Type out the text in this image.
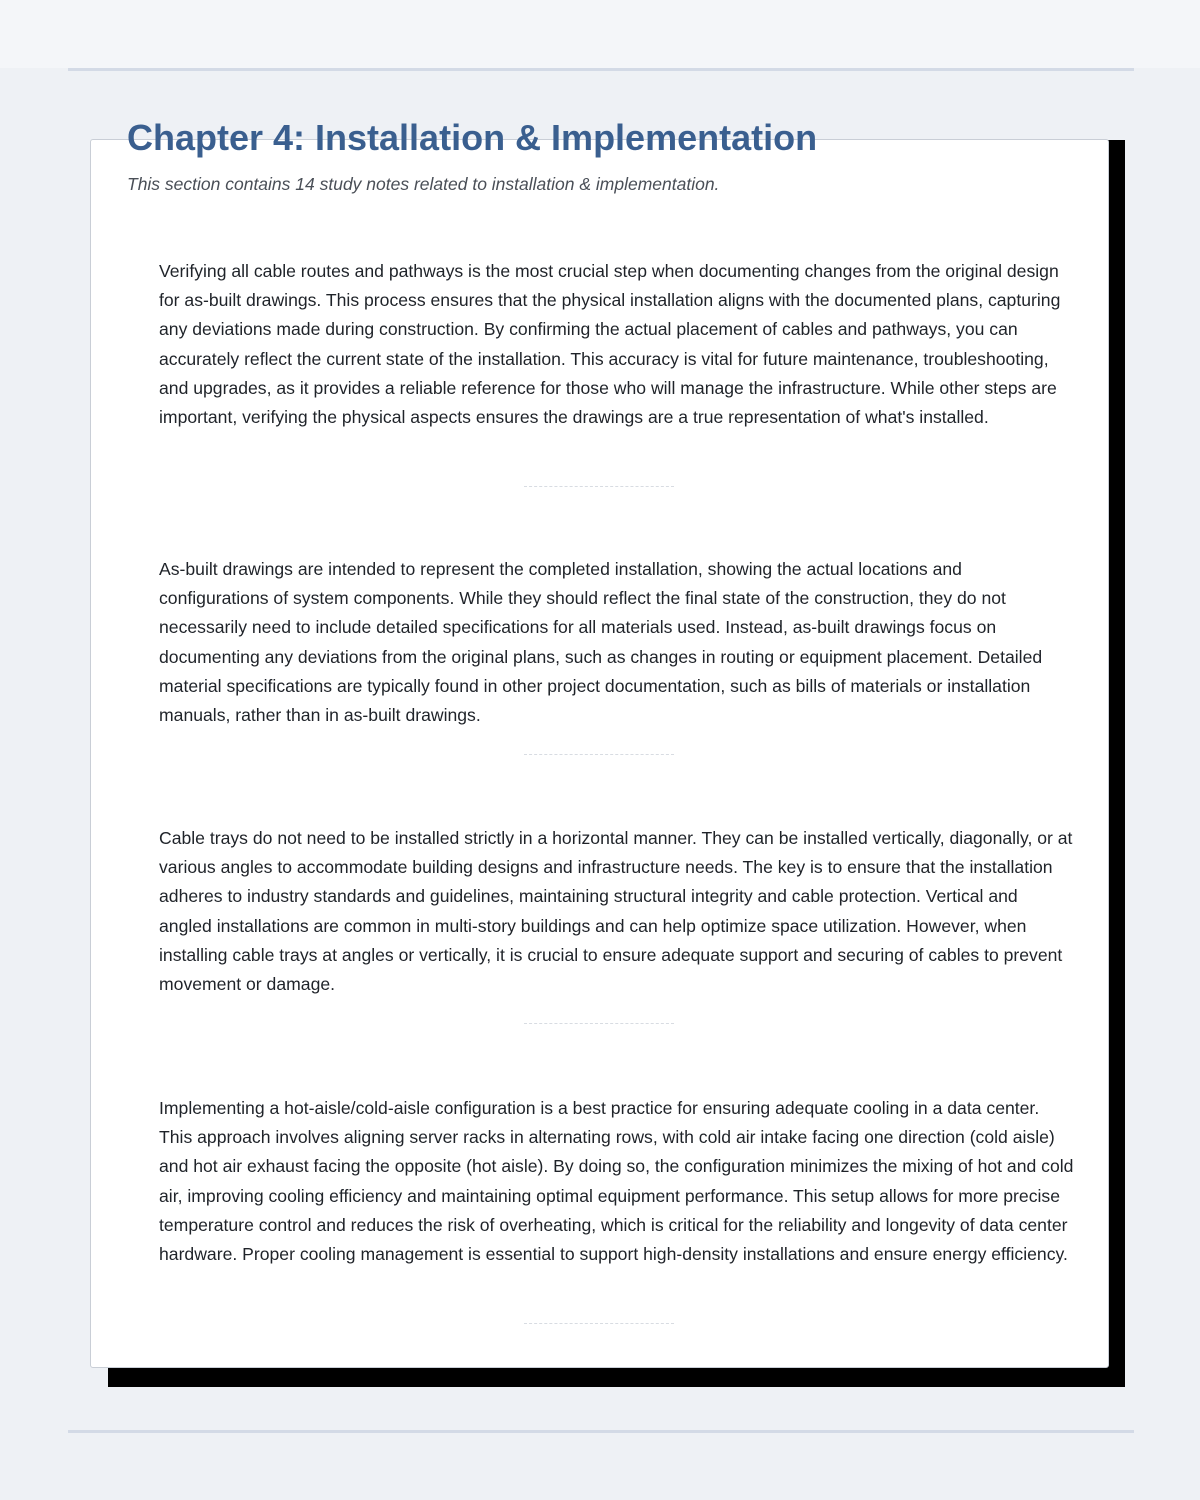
Chapter 4: Installation & Implementation

This section contains 14 study notes related to installation & implementation.

Verifying all cable routes and pathways is the most crucial step when documenting changes from the original design for as-built drawings. This process ensures that the physical installation aligns with the documented plans, capturing any deviations made during construction. By confirming the actual placement of cables and pathways, you can accurately reflect the current state of the installation. This accuracy is vital for future maintenance, troubleshooting, and upgrades, as it provides a reliable reference for those who will manage the infrastructure. While other steps are important, verifying the physical aspects ensures the drawings are a true representation of what's installed.

As-built drawings are intended to represent the completed installation, showing the actual locations and configurations of system components. While they should reflect the final state of the construction, they do not necessarily need to include detailed specifications for all materials used. Instead, as-built drawings focus on documenting any deviations from the original plans, such as changes in routing or equipment placement. Detailed material specifications are typically found in other project documentation, such as bills of materials or installation manuals, rather than in as-built drawings.

Cable trays do not need to be installed strictly in a horizontal manner. They can be installed vertically, diagonally, or at various angles to accommodate building designs and infrastructure needs. The key is to ensure that the installation adheres to industry standards and guidelines, maintaining structural integrity and cable protection. Vertical and angled installations are common in multi-story buildings and can help optimize space utilization. However, when installing cable trays at angles or vertically, it is crucial to ensure adequate support and securing of cables to prevent movement or damage.

Implementing a hot-aisle/cold-aisle configuration is a best practice for ensuring adequate cooling in a data center. This approach involves aligning server racks in alternating rows, with cold air intake facing one direction (cold aisle) and hot air exhaust facing the opposite (hot aisle). By doing so, the configuration minimizes the mixing of hot and cold air, improving cooling efficiency and maintaining optimal equipment performance. This setup allows for more precise temperature control and reduces the risk of overheating, which is critical for the reliability and longevity of data center hardware. Proper cooling management is essential to support high-density installations and ensure energy efficiency.
